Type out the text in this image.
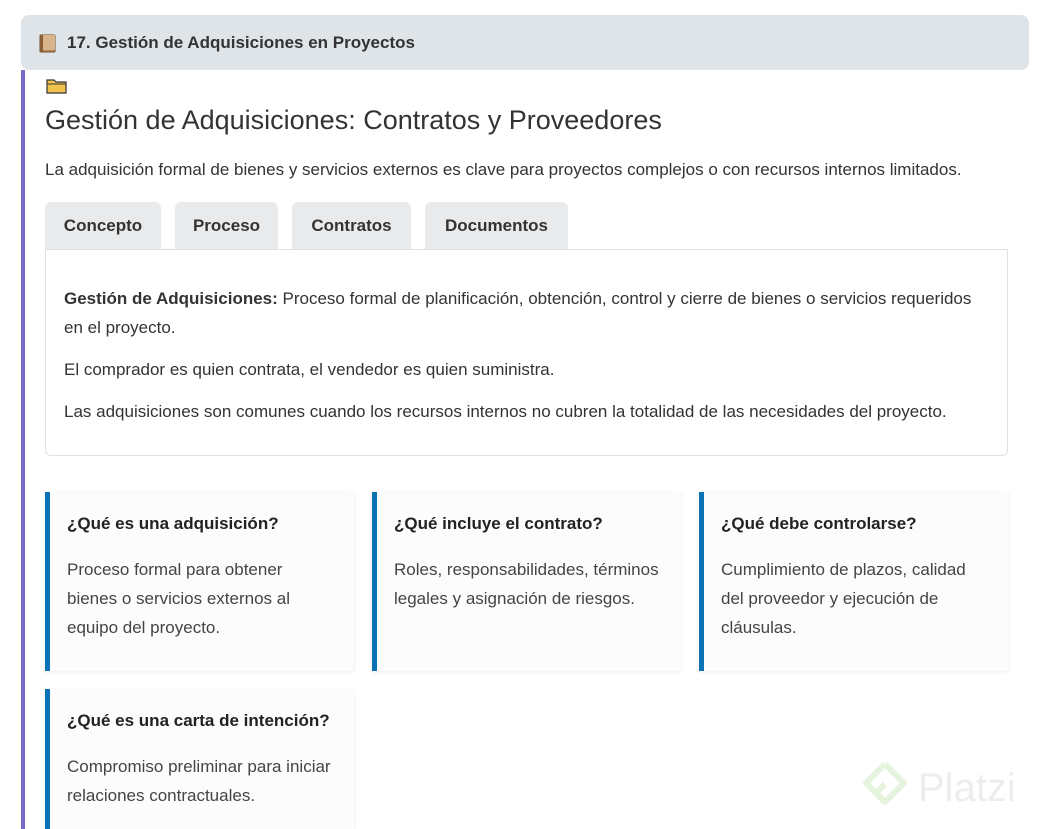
17. Gestión de Adquisiciones en Proyectos
Gestión de Adquisiciones: Contratos y Proveedores

La adquisición formal de bienes y servicios externos es clave para proyectos complejos o con recursos internos limitados.

Concepto	Proceso	Contratos	Documentos

Gestión de Adquisiciones: Proceso formal de planificación, obtención, control y cierre de bienes o servicios requeridos en el proyecto.

El comprador es quien contrata, el vendedor es quien suministra.

Las adquisiciones son comunes cuando los recursos internos no cubren la totalidad de las necesidades del proyecto.

¿Qué es una adquisición?

Proceso formal para obtener bienes o servicios externos al equipo del proyecto.

¿Qué incluye el contrato?

Roles, responsabilidades, términos legales y asignación de riesgos.

¿Qué debe controlarse?

Cumplimiento de plazos, calidad del proveedor y ejecución de cláusulas.

¿Qué es una carta de intención?

Compromiso preliminar para iniciar relaciones contractuales.	Platzi
